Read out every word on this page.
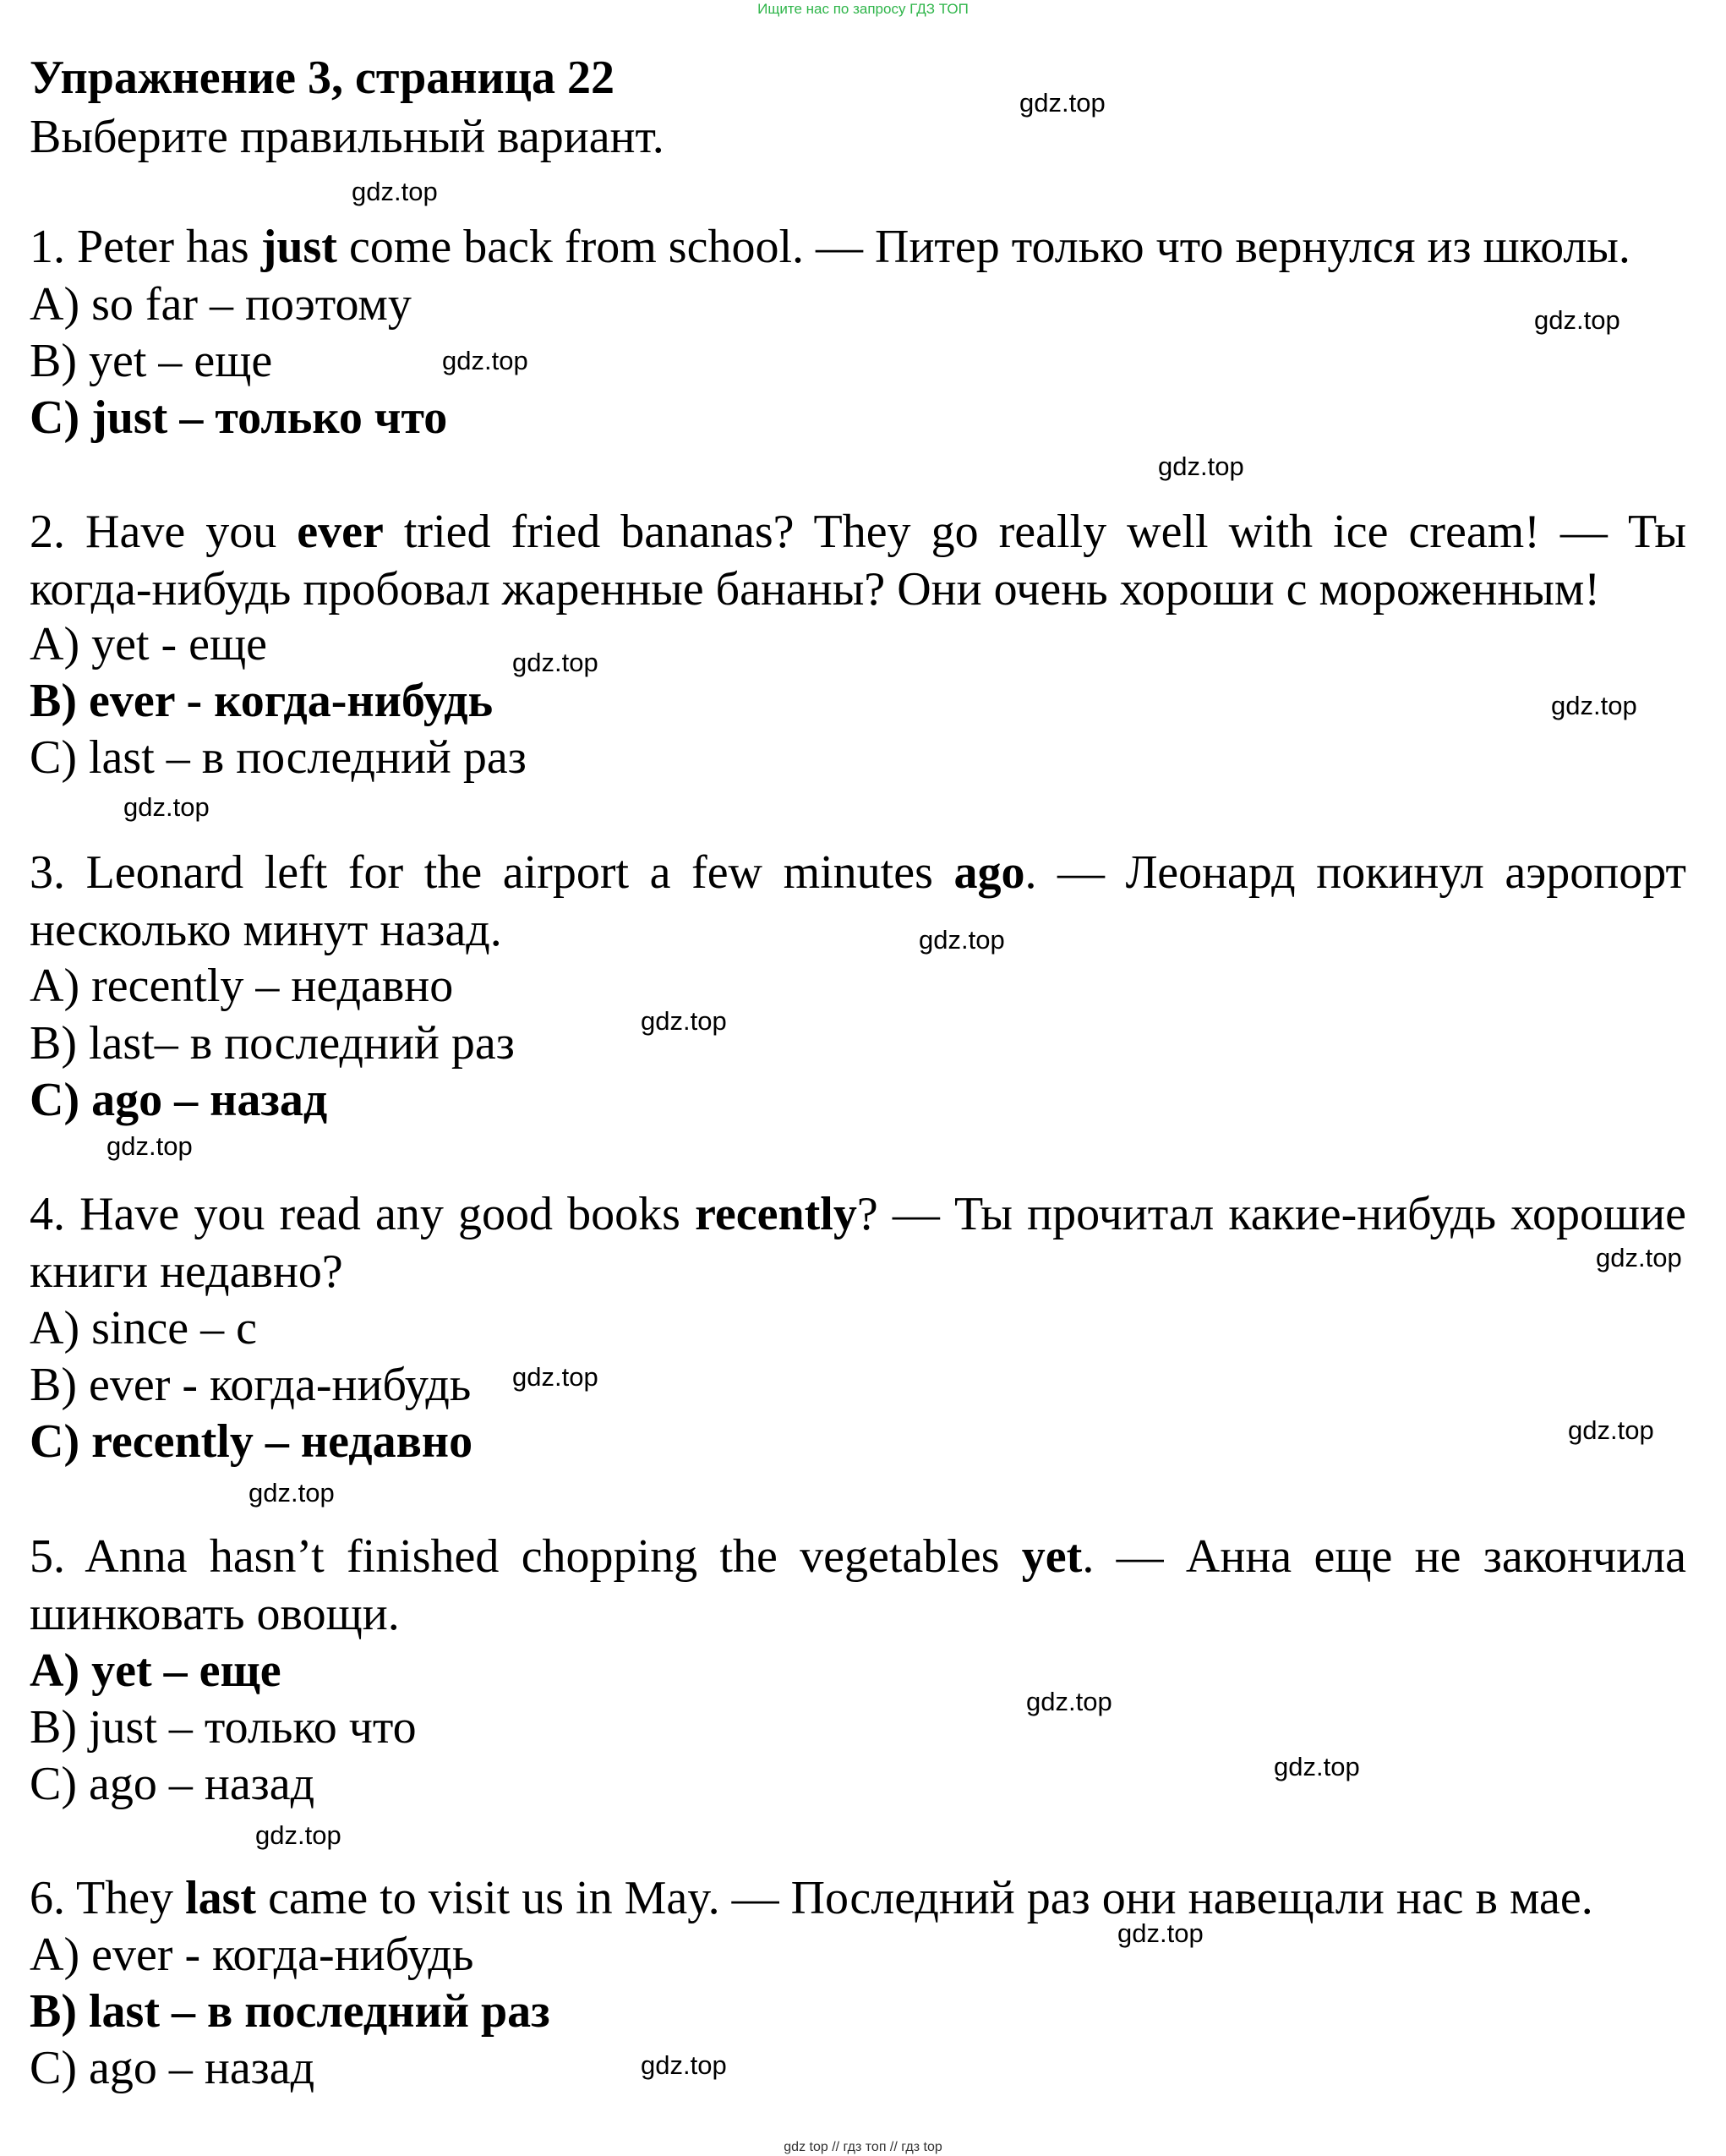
Ищите нас по запросу ГДЗ ТОП
Упражнение 3, страница 22
Выберите правильный вариант.
1. Peter has just come back from school. — Питер только что вернулся из школы.
A) so far – поэтому
B) yet – еще
C) just – только что
2. Have you ever tried fried bananas? They go really well with ice cream! — Ты когда-нибудь пробовал жаренные бананы? Они очень хороши с мороженным!
A) yet - еще
B) ever - когда-нибудь
C) last – в последний раз
3. Leonard left for the airport a few minutes ago. — Леонард покинул аэропорт несколько минут назад.
A) recently – недавно
B) last– в последний раз
C) ago – назад
4. Have you read any good books recently? — Ты прочитал какие-нибудь хорошие книги недавно?
A) since – с
B) ever - когда-нибудь
C) recently – недавно
5. Anna hasn’t finished chopping the vegetables yet. — Анна еще не закончила шинковать овощи.
A) yet – еще
B) just – только что
C) ago – назад
6. They last came to visit us in May. — Последний раз они навещали нас в мае.
A) ever - когда-нибудь
B) last – в последний раз
C) ago – назад
gdz.top
gdz.top
gdz.top
gdz.top
gdz.top
gdz.top
gdz.top
gdz.top
gdz.top
gdz.top
gdz.top
gdz.top
gdz.top
gdz.top
gdz.top
gdz.top
gdz.top
gdz.top
gdz.top
gdz.top
gdz top // гдз топ // гдз top
